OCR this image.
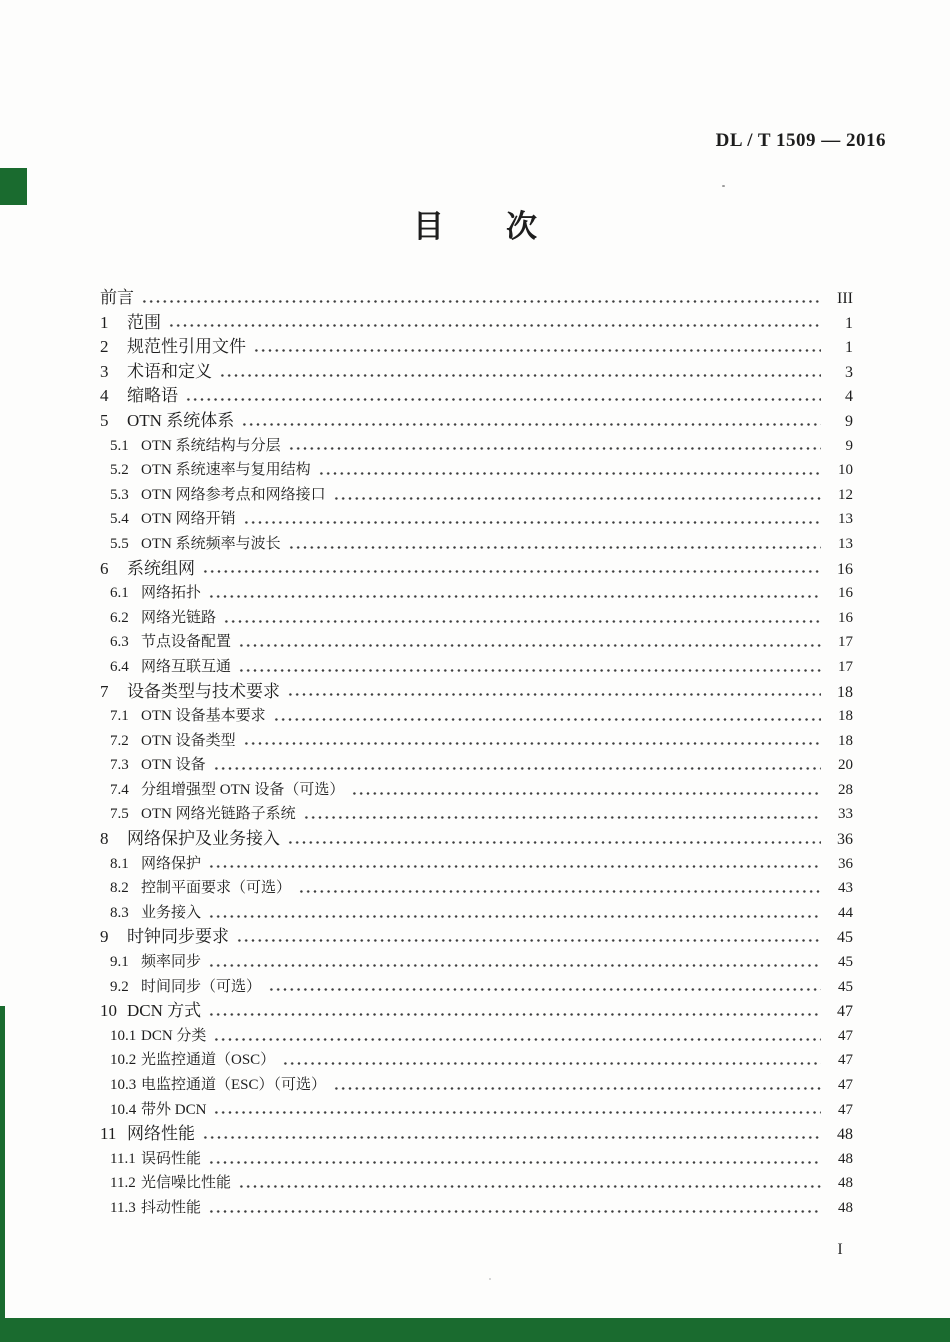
DL / T 1509 — 2016
目　　次
前言	III
1	范围	1
2	规范性引用文件	1
3	术语和定义	3
4	缩略语	4
5	OTN 系统体系	9
5.1 OTN 系统结构与分层	9
5.2 OTN 系统速率与复用结构	10
5.3 OTN 网络参考点和网络接口	12
5.4 OTN 网络开销	13
5.5 OTN 系统频率与波长	13
6	系统组网	16
6.1 网络拓扑	16
6.2 网络光链路	16
6.3 节点设备配置	17
6.4 网络互联互通	17
7	设备类型与技术要求	18
7.1 OTN 设备基本要求	18
7.2 OTN 设备类型	18
7.3 OTN 设备	20
7.4 分组增强型 OTN 设备（可选）	28
7.5 OTN 网络光链路子系统	33
8	网络保护及业务接入	36
8.1 网络保护	36
8.2 控制平面要求（可选）	43
8.3 业务接入	44
9	时钟同步要求	45
9.1 频率同步	45
9.2 时间同步（可选）	45
10 DCN 方式	47
10.1 DCN 分类	47
10.2 光监控通道（OSC）	47
10.3 电监控通道（ESC）（可选）	47
10.4 带外 DCN	47
11 网络性能	48
11.1 误码性能	48
11.2 光信噪比性能	48
11.3 抖动性能	48
I
